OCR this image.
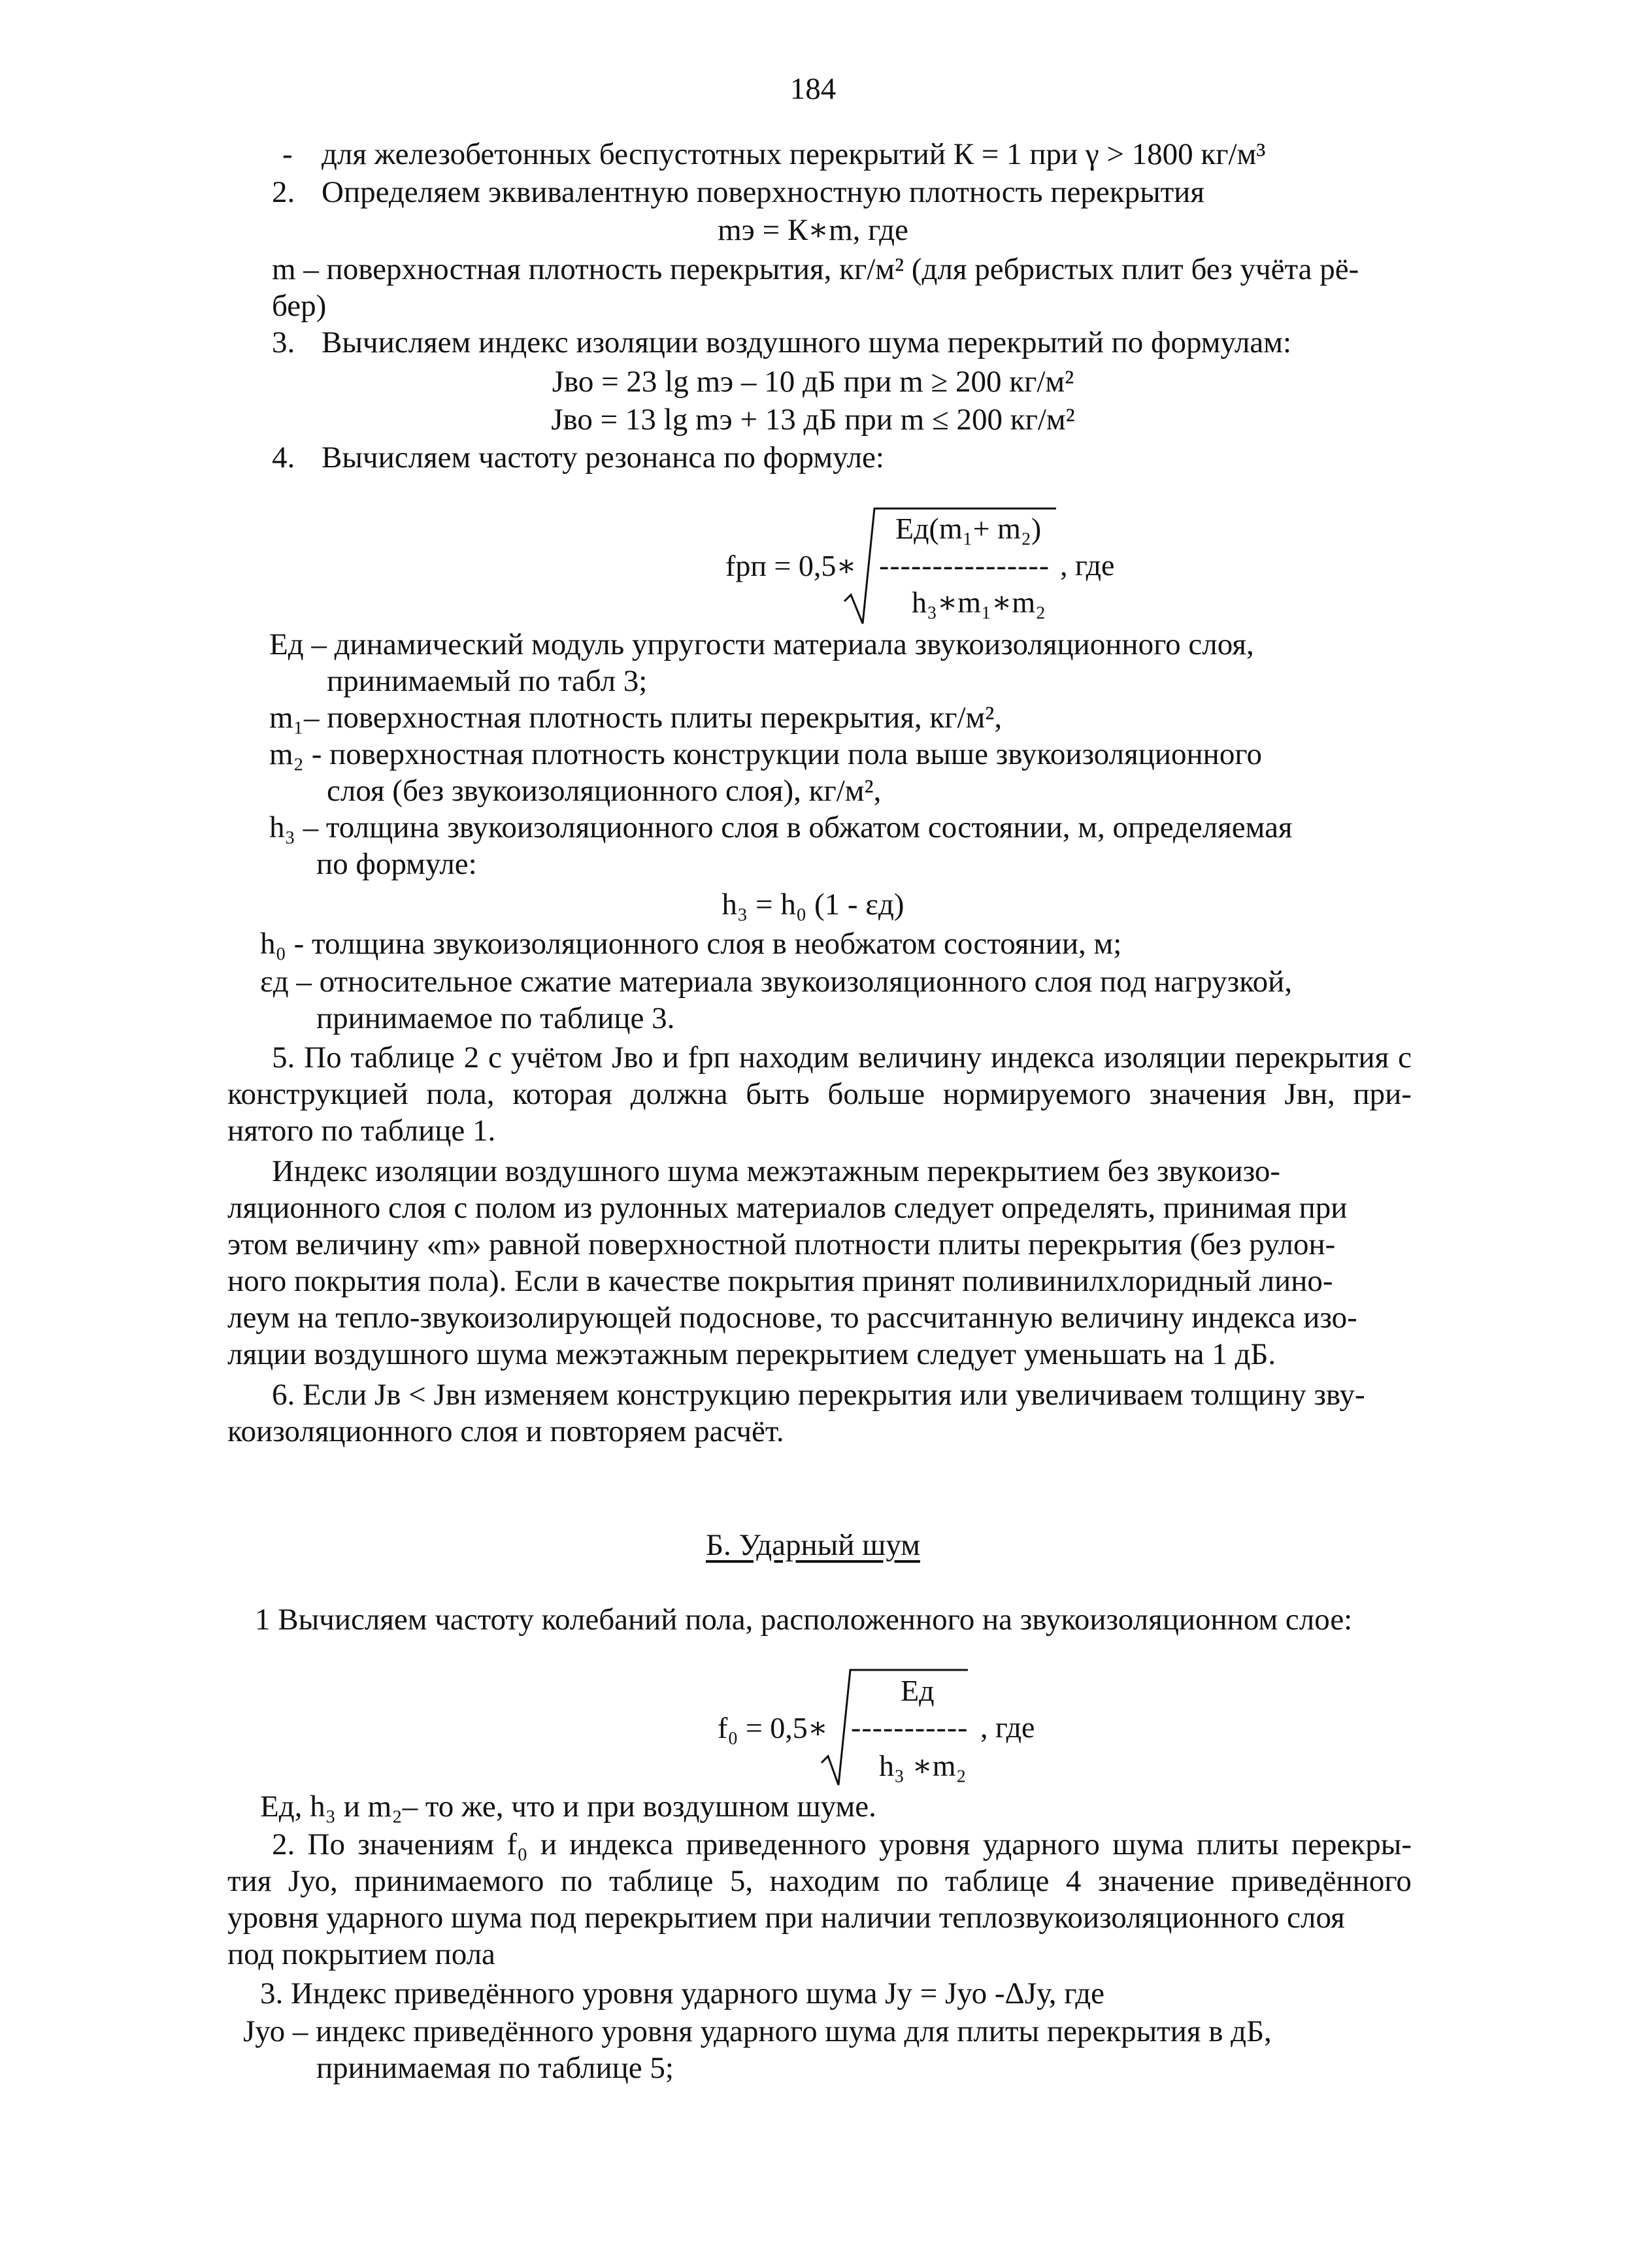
184
- для железобетонных беспустотных перекрытий К = 1 при γ > 1800 кг/м³
2. Определяем эквивалентную поверхностную плотность перекрытия
mэ = К∗m, где
m – поверхностная плотность перекрытия, кг/м² (для ребристых плит без учёта рё-
бер)
3. Вычисляем индекс изоляции воздушного шума перекрытий по формулам:
Jво = 23 lg mэ – 10 дБ при m ≥ 200 кг/м²
Jво = 13 lg mэ + 13 дБ при m ≤ 200 кг/м²
4. Вычисляем частоту резонанса по формуле:
fрп = 0,5∗
Ед(m₁+ m₂)
----------------
h₃∗m₁∗m₂
, где
Ед – динамический модуль упругости материала звукоизоляционного слоя,
принимаемый по табл 3;
m₁– поверхностная плотность плиты перекрытия, кг/м²,
m₂ - поверхностная плотность конструкции пола выше звукоизоляционного
слоя (без звукоизоляционного слоя), кг/м²,
h₃ – толщина звукоизоляционного слоя в обжатом состоянии, м, определяемая
по формуле:
h₃ = h₀ (1 - εд)
h₀ - толщина звукоизоляционного слоя в необжатом состоянии, м;
εд – относительное сжатие материала звукоизоляционного слоя под нагрузкой,
принимаемое по таблице 3.
5. По таблице 2 с учётом Jво и fрп находим величину индекса изоляции перекрытия с
конструкцией пола, которая должна быть больше нормируемого значения Jвн, при-
нятого по таблице 1.
Индекс изоляции воздушного шума межэтажным перекрытием без звукоизо-
ляционного слоя с полом из рулонных материалов следует определять, принимая при
этом величину «m» равной поверхностной плотности плиты перекрытия (без рулон-
ного покрытия пола). Если в качестве покрытия принят поливинилхлоридный лино-
леум на тепло-звукоизолирующей подоснове, то рассчитанную величину индекса изо-
ляции воздушного шума межэтажным перекрытием следует уменьшать на 1 дБ.
6. Если Jв < Jвн изменяем конструкцию перекрытия или увеличиваем толщину зву-
коизоляционного слоя и повторяем расчёт.
Б. Ударный шум
1 Вычисляем частоту колебаний пола, расположенного на звукоизоляционном слое:
f₀ = 0,5∗
Ед
-----------
h₃ ∗m₂
, где
Ед, h₃ и m₂– то же, что и при воздушном шуме.
2. По значениям f₀ и индекса приведенного уровня ударного шума плиты перекры-
тия Jуо, принимаемого по таблице 5, находим по таблице 4 значение приведённого
уровня ударного шума под перекрытием при наличии теплозвукоизоляционного слоя
под покрытием пола
3. Индекс приведённого уровня ударного шума Jу = Jуо -ΔJу, где
Jуо – индекс приведённого уровня ударного шума для плиты перекрытия в дБ,
принимаемая по таблице 5;
